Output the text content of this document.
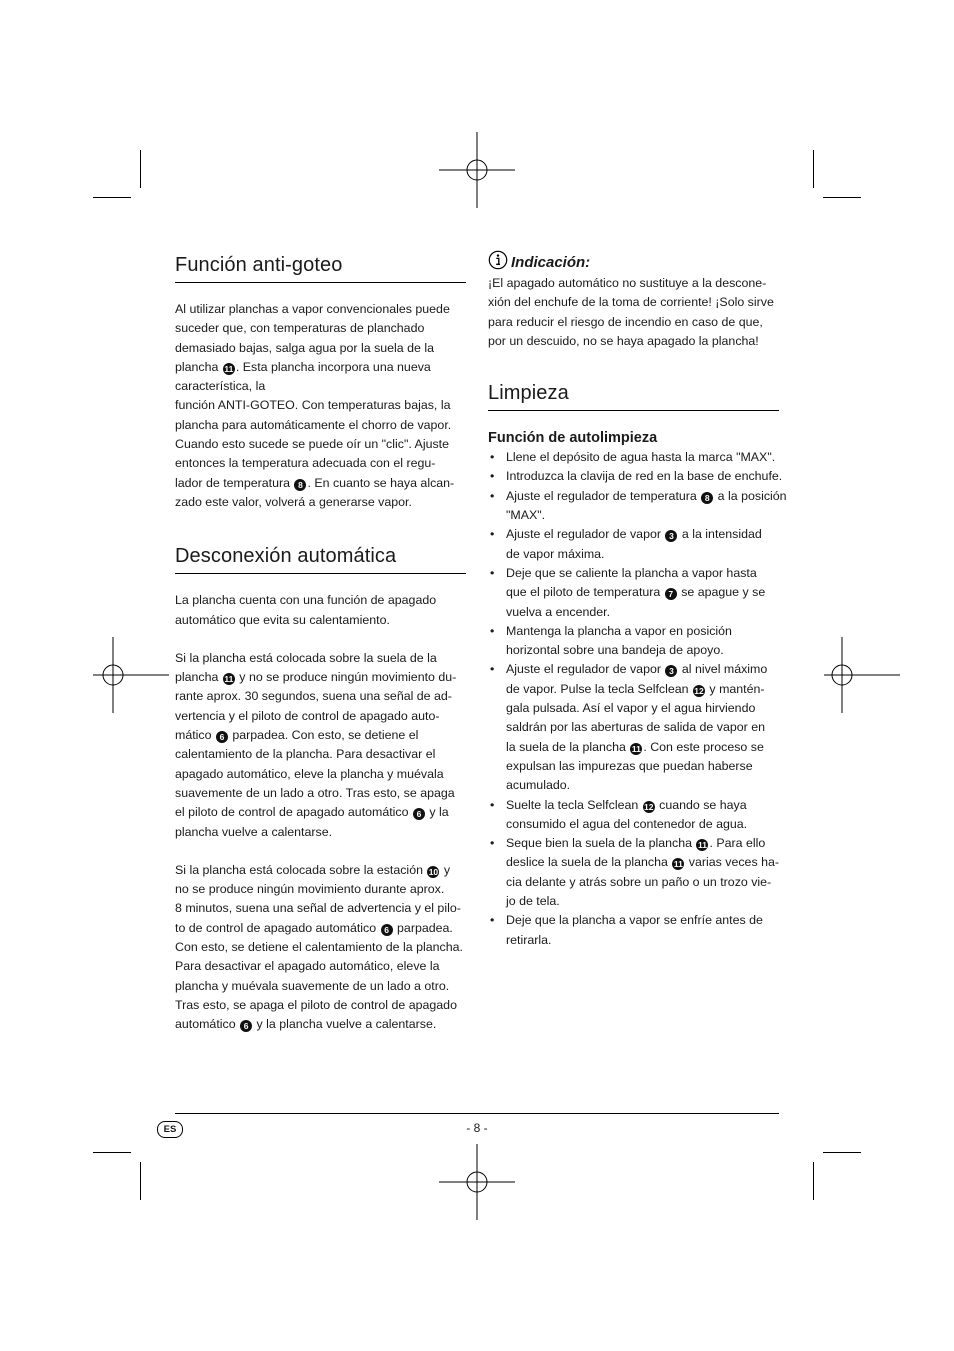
Función anti-goteo

Al utilizar planchas a vapor convencionales puede
suceder que, con temperaturas de planchado
demasiado bajas, salga agua por la suela de la
plancha 11 . Esta plancha incorpora una nueva
característica, la
función ANTI-GOTEO. Con temperaturas bajas, la
plancha para automáticamente el chorro de vapor.
Cuando esto sucede se puede oír un "clic". Ajuste
entonces la temperatura adecuada con el regu-
lador de temperatura 8 . En cuanto se haya alcan-
zado este valor, volverá a generarse vapor.

Desconexión automática

La plancha cuenta con una función de apagado
automático que evita su calentamiento.

Si la plancha está colocada sobre la suela de la
plancha 11 y no se produce ningún movimiento du-
rante aprox. 30 segundos, suena una señal de ad-
vertencia y el piloto de control de apagado auto-
mático 6 parpadea. Con esto, se detiene el
calentamiento de la plancha. Para desactivar el
apagado automático, eleve la plancha y muévala
suavemente de un lado a otro. Tras esto, se apaga
el piloto de control de apagado automático 6 y la
plancha vuelve a calentarse.

Si la plancha está colocada sobre la estación 10 y
no se produce ningún movimiento durante aprox.
8 minutos, suena una señal de advertencia y el pilo-
to de control de apagado automático 6 parpadea.
Con esto, se detiene el calentamiento de la plancha.
Para desactivar el apagado automático, eleve la
plancha y muévala suavemente de un lado a otro.
Tras esto, se apaga el piloto de control de apagado
automático 6 y la plancha vuelve a calentarse.

Indicación:

¡El apagado automático no sustituye a la descone-
xión del enchufe de la toma de corriente! ¡Solo sirve
para reducir el riesgo de incendio en caso de que,
por un descuido, no se haya apagado la plancha!

Limpieza
Función de autolimpieza
• Llene el depósito de agua hasta la marca "MAX".
• Introduzca la clavija de red en la base de enchufe.
• Ajuste el regulador de temperatura 8 a la posición
"MAX".
• Ajuste el regulador de vapor 3 a la intensidad
de vapor máxima.
• Deje que se caliente la plancha a vapor hasta
que el piloto de temperatura 7 se apague y se
vuelva a encender.
• Mantenga la plancha a vapor en posición
horizontal sobre una bandeja de apoyo.
• Ajuste el regulador de vapor 3 al nivel máximo
de vapor. Pulse la tecla Selfclean 12 y mantén-
gala pulsada. Así el vapor y el agua hirviendo
saldrán por las aberturas de salida de vapor en
la suela de la plancha 11 . Con este proceso se
expulsan las impurezas que puedan haberse
acumulado.
• Suelte la tecla Selfclean 12 cuando se haya
consumido el agua del contenedor de agua.
• Seque bien la suela de la plancha 11 . Para ello
deslice la suela de la plancha 11 varias veces ha-
cia delante y atrás sobre un paño o un trozo vie-
jo de tela.
• Deje que la plancha a vapor se enfríe antes de
retirarla.
ES	- 8 -
